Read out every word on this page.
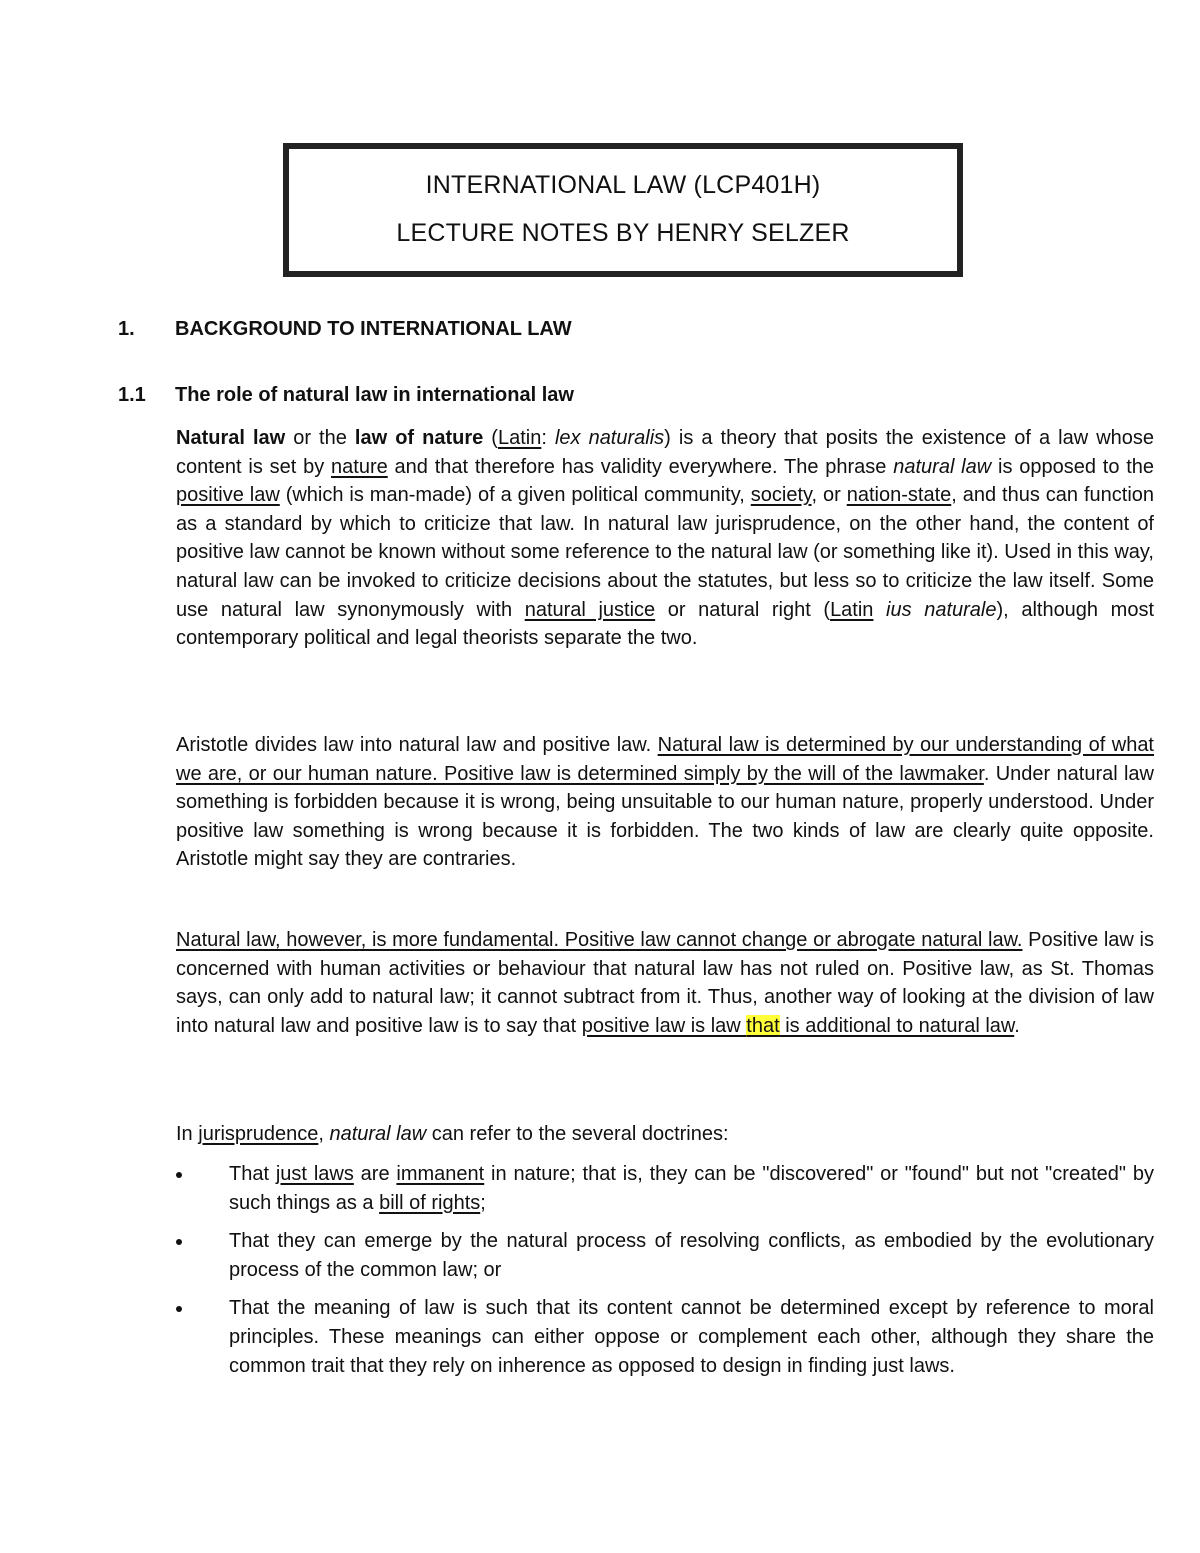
INTERNATIONAL LAW (LCP401H)
LECTURE NOTES BY HENRY SELZER
1. BACKGROUND TO INTERNATIONAL LAW
1.1 The role of natural law in international law

Natural law or the law of nature (Latin: lex naturalis) is a theory that posits the existence of a law whose content is set by nature and that therefore has validity everywhere. The phrase natural law is opposed to the positive law (which is man-made) of a given political community, society, or nation-state, and thus can function as a standard by which to criticize that law. In natural law jurisprudence, on the other hand, the content of positive law cannot be known without some reference to the natural law (or something like it). Used in this way, natural law can be invoked to criticize decisions about the statutes, but less so to criticize the law itself. Some use natural law synonymously with natural justice or natural right (Latin ius naturale), although most contemporary political and legal theorists separate the two.

Aristotle divides law into natural law and positive law. Natural law is determined by our understanding of what we are, or our human nature. Positive law is determined simply by the will of the lawmaker. Under natural law something is forbidden because it is wrong, being unsuitable to our human nature, properly understood. Under positive law something is wrong because it is forbidden. The two kinds of law are clearly quite opposite. Aristotle might say they are contraries.

Natural law, however, is more fundamental. Positive law cannot change or abrogate natural law. Positive law is concerned with human activities or behaviour that natural law has not ruled on. Positive law, as St. Thomas says, can only add to natural law; it cannot subtract from it. Thus, another way of looking at the division of law into natural law and positive law is to say that positive law is law that is additional to natural law.

In jurisprudence, natural law can refer to the several doctrines:

That just laws are immanent in nature; that is, they can be "discovered" or "found" but not "created" by such things as a bill of rights;
That they can emerge by the natural process of resolving conflicts, as embodied by the evolutionary process of the common law; or
That the meaning of law is such that its content cannot be determined except by reference to moral principles. These meanings can either oppose or complement each other, although they share the common trait that they rely on inherence as opposed to design in finding just laws.
